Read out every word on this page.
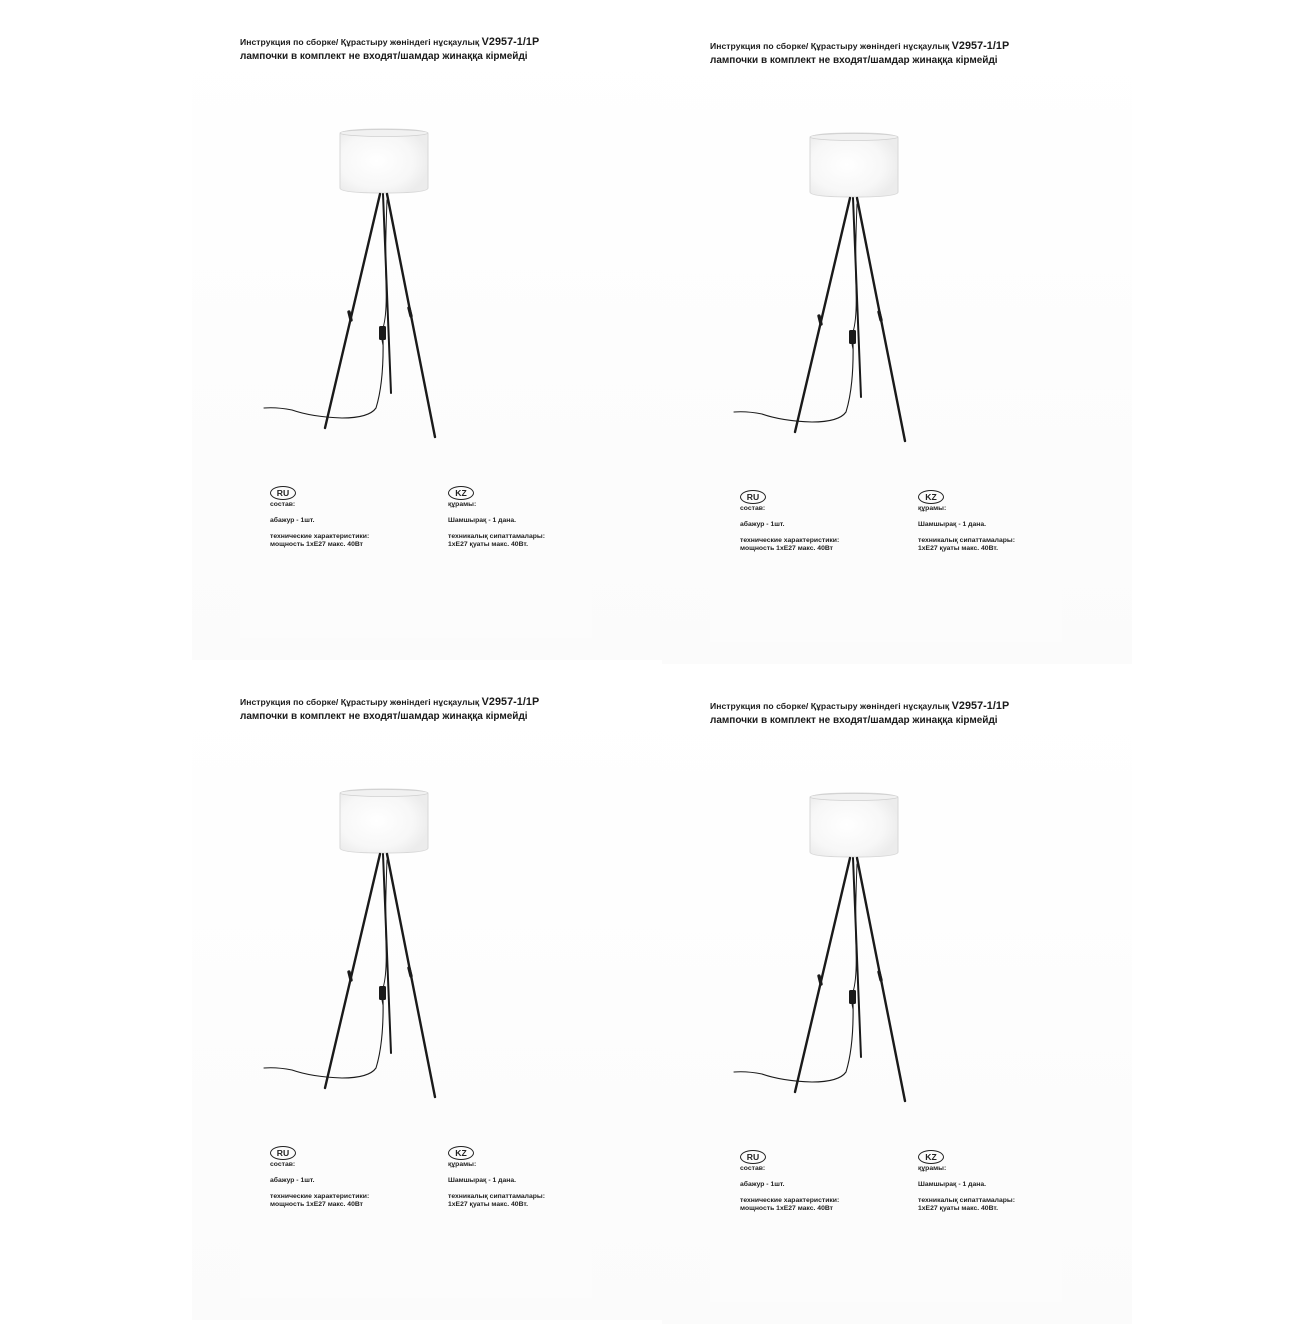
Инструкция по сборке/ Құрастыру жөніндегі нұсқаулық V2957-1/1P
лампочки в комплект не входят/шамдар жинаққа кірмейді
RU
состав:
абажур - 1шт.
технические характеристики:
мощность 1хЕ27 макс. 40Вт
KZ
құрамы:
Шамшырақ - 1 дана.
техникалық сипаттамалары:
1хЕ27 қуаты макс. 40Вт.
Инструкция по сборке/ Құрастыру жөніндегі нұсқаулық V2957-1/1P
лампочки в комплект не входят/шамдар жинаққа кірмейді
RU
состав:
абажур - 1шт.
технические характеристики:
мощность 1хЕ27 макс. 40Вт
KZ
құрамы:
Шамшырақ - 1 дана.
техникалық сипаттамалары:
1хЕ27 қуаты макс. 40Вт.
Инструкция по сборке/ Құрастыру жөніндегі нұсқаулық V2957-1/1P
лампочки в комплект не входят/шамдар жинаққа кірмейді
RU
состав:
абажур - 1шт.
технические характеристики:
мощность 1хЕ27 макс. 40Вт
KZ
құрамы:
Шамшырақ - 1 дана.
техникалық сипаттамалары:
1хЕ27 қуаты макс. 40Вт.
Инструкция по сборке/ Құрастыру жөніндегі нұсқаулық V2957-1/1P
лампочки в комплект не входят/шамдар жинаққа кірмейді
RU
состав:
абажур - 1шт.
технические характеристики:
мощность 1хЕ27 макс. 40Вт
KZ
құрамы:
Шамшырақ - 1 дана.
техникалық сипаттамалары:
1хЕ27 қуаты макс. 40Вт.
